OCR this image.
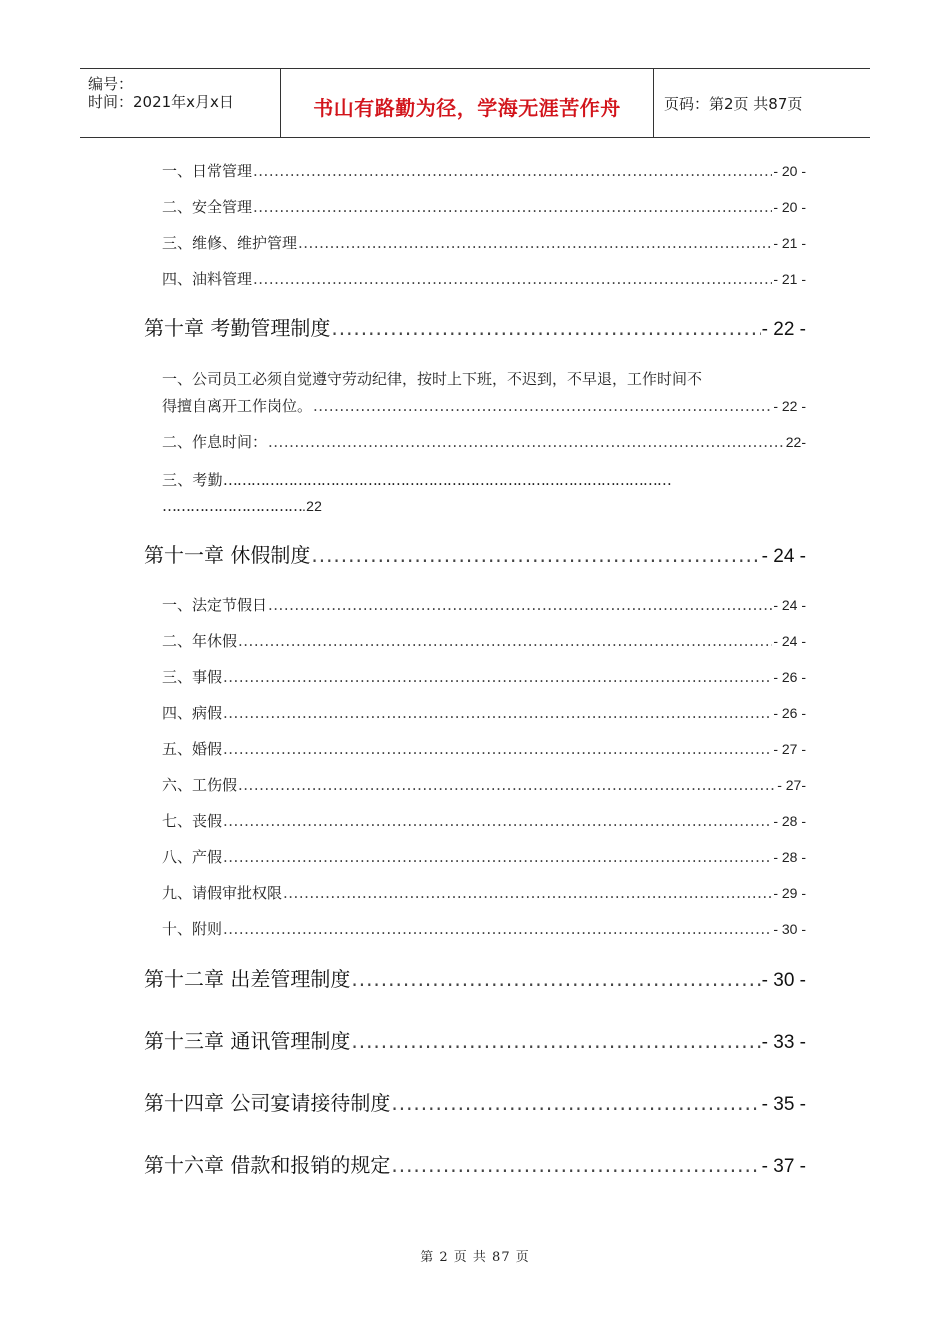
编号：
时间：2021年x月x日	书山有路勤为径，学海无涯苦作舟	页码：第2页 共87页
一、日常管理 .....	- 20 -
二、安全管理 .....	- 20 -
三、维修、维护管理 .....	- 21 -
四、油料管理 .....	- 21 -
第十章 考勤管理制度 .....	- 22 -
一、公司员工必须自觉遵守劳动纪律，按时上下班，不迟到，不早退，工作时间不
得擅自离开工作岗位。 .....	- 22 -
二、作息时间： .....	22-
三、考勤……………………………………………………………………………………
………………………….22
第十一章 休假制度 .....	- 24 -
一、法定节假日 .....	- 24 -
二、年休假 .....	- 24 -
三、事假 .....	- 26 -
四、病假 .....	- 26 -
五、婚假 .....	- 27 -
六、工伤假 .....	- 27-
七、丧假 .....	- 28 -
八、产假 .....	- 28 -
九、请假审批权限 .....	- 29 -
十、附则 .....	- 30 -
第十二章 出差管理制度 .....	- 30 -
第十三章 通讯管理制度 .....	- 33 -
第十四章 公司宴请接待制度 .....	- 35 -
第十六章 借款和报销的规定 .....	- 37 -
第 2 页 共 87 页
